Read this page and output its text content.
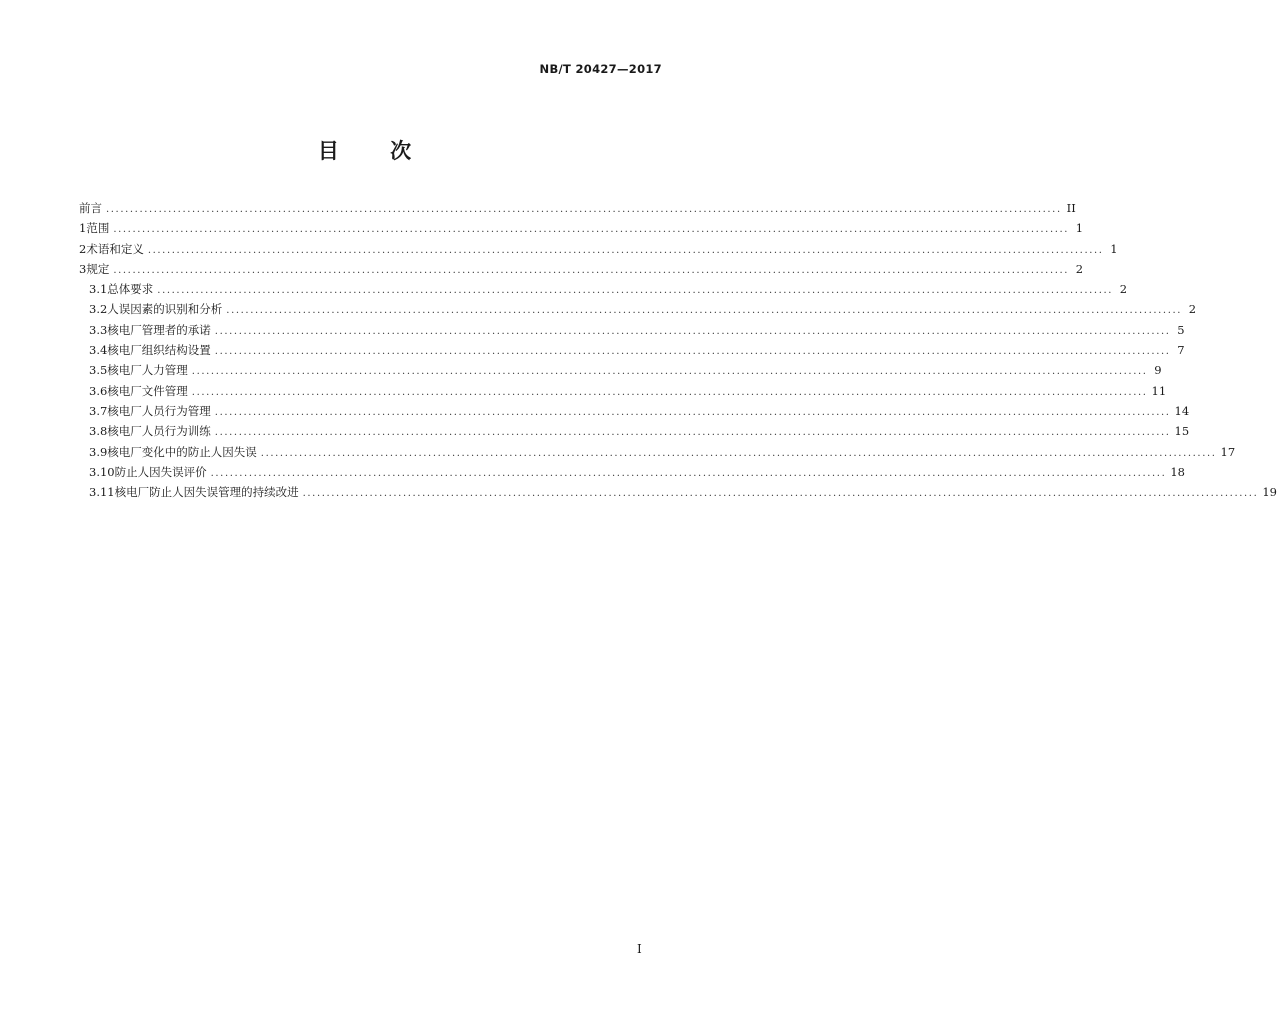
NB/T 20427—2017
目 次
前言 ........................................................................................................................................................................................................ II
1 范围 ........................................................................................................................................................................................................ 1
2 术语和定义 ........................................................................................................................................................................................................ 1
3 规定 ........................................................................................................................................................................................................ 2
3.1 总体要求 ........................................................................................................................................................................................................ 2
3.2 人误因素的识别和分析 ........................................................................................................................................................................................................ 2
3.3 核电厂管理者的承诺 ........................................................................................................................................................................................................ 5
3.4 核电厂组织结构设置 ........................................................................................................................................................................................................ 7
3.5 核电厂人力管理 ........................................................................................................................................................................................................ 9
3.6 核电厂文件管理 ........................................................................................................................................................................................................ 11
3.7 核电厂人员行为管理 ........................................................................................................................................................................................................ 14
3.8 核电厂人员行为训练 ........................................................................................................................................................................................................ 15
3.9 核电厂变化中的防止人因失误 ........................................................................................................................................................................................................ 17
3.10 防止人因失误评价 ........................................................................................................................................................................................................ 18
3.11 核电厂防止人因失误管理的持续改进 ........................................................................................................................................................................................................ 19
I
